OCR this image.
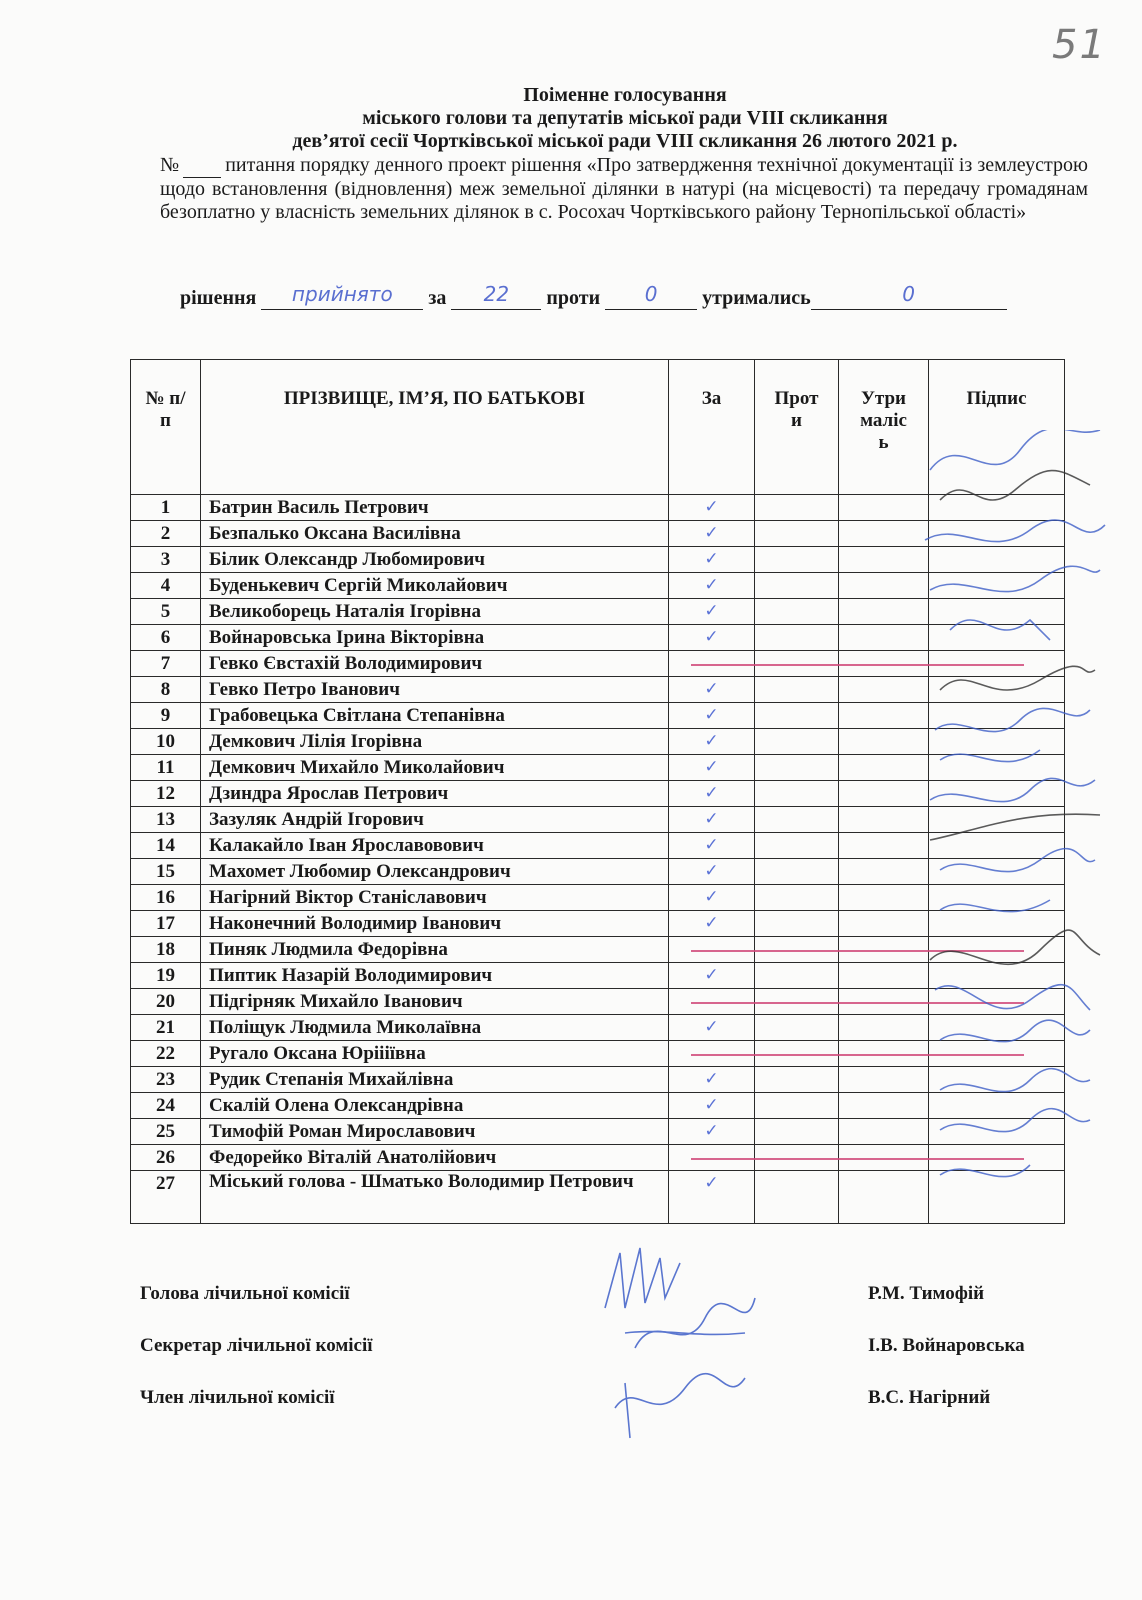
51
Поіменне голосування
міського голови та депутатів міської ради VIII скликання
дев’ятої сесії Чортківської міської ради VIII скликання 26 лютого 2021 р.
№ питання порядку денного проект рішення «Про затвердження технічної документації із землеустрою щодо встановлення (відновлення) меж земельної ділянки в натурі (на місцевості) та передачу громадянам безоплатно у власність земельних ділянок в с. Росохач Чортківського району Тернопільської області»
рішення прийнято за 22 проти 0 утримались	0
№ п/п	ПРІЗВИЩЕ, ІМ’Я, ПО БАТЬКОВІ	За	Прот и	Утри маліс ь	Підпис
1	Батрин Василь Петрович	✓			
2	Безпалько Оксана Василівна	✓			
3	Білик Олександр Любомирович	✓			
4	Буденькевич Сергій Миколайович	✓			
5	Великоборець Наталія Ігорівна	✓			
6	Войнаровська Ірина Вікторівна	✓			
7	Гевко Євстахій Володимирович	

8	Гевко Петро Іванович	✓			
9	Грабовецька Світлана Степанівна	✓			
10	Демкович Лілія Ігорівна	✓			
11	Демкович Михайло Миколайович	✓			
12	Дзиндра Ярослав Петрович	✓			
13	Зазуляк Андрій Ігорович	✓			
14	Калакайло Іван Ярославовович	✓			
15	Махомет Любомир Олександрович	✓			
16	Нагірний Віктор Станіславович	✓			
17	Наконечний Володимир Іванович	✓			
18	Пиняк Людмила Федорівна	

19	Пиптик Назарій Володимирович	✓			
20	Підгірняк Михайло Іванович	

21	Поліщук Людмила Миколаївна	✓			
22	Ругало Оксана Юріііївна	

23	Рудик Степанія Михайлівна	✓			
24	Скалій Олена Олександрівна	✓			
25	Тимофій Роман Мирославович	✓			
26	Федорейко Віталій Анатолійович	

27	Міський голова - Шматько Володимир Петрович	✓			
Голова лічильної комісії	Р.М. Тимофій
Секретар лічильної комісії	І.В. Войнаровська
Член лічильної комісії	В.С. Нагірний
